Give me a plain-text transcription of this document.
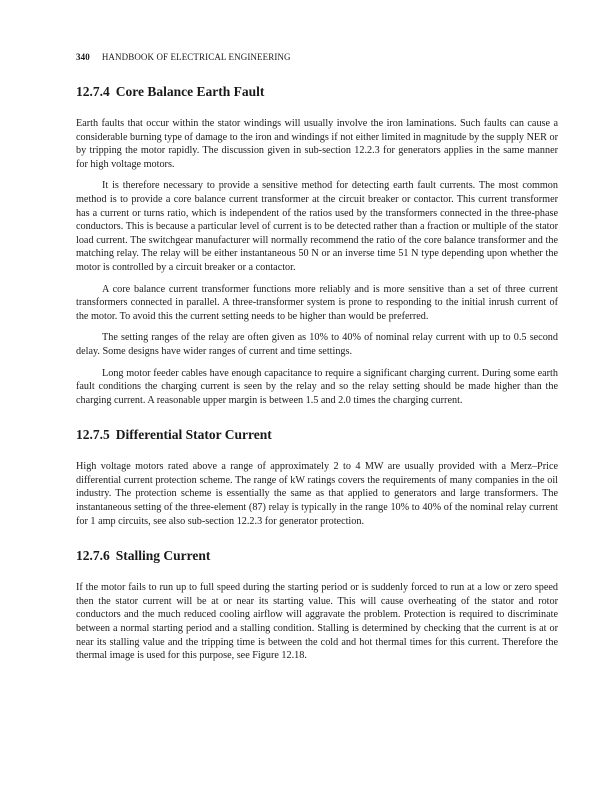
340 HANDBOOK OF ELECTRICAL ENGINEERING
12.7.4 Core Balance Earth Fault

Earth faults that occur within the stator windings will usually involve the iron laminations. Such faults can cause a considerable burning type of damage to the iron and windings if not either limited in magnitude by the supply NER or by tripping the motor rapidly. The discussion given in sub-section 12.2.3 for generators applies in the same manner for high voltage motors.

It is therefore necessary to provide a sensitive method for detecting earth fault currents. The most common method is to provide a core balance current transformer at the circuit breaker or contactor. This current transformer has a current or turns ratio, which is independent of the ratios used by the transformers connected in the three-phase conductors. This is because a particular level of current is to be detected rather than a fraction or multiple of the stator load current. The switchgear manufacturer will normally recommend the ratio of the core balance transformer and the matching relay. The relay will be either instantaneous 50 N or an inverse time 51 N type depending upon whether the motor is controlled by a circuit breaker or a contactor.

A core balance current transformer functions more reliably and is more sensitive than a set of three current transformers connected in parallel. A three-transformer system is prone to responding to the initial inrush current of the motor. To avoid this the current setting needs to be higher than would be preferred.

The setting ranges of the relay are often given as 10% to 40% of nominal relay current with up to 0.5 second delay. Some designs have wider ranges of current and time settings.

Long motor feeder cables have enough capacitance to require a significant charging current. During some earth fault conditions the charging current is seen by the relay and so the relay setting should be made higher than the charging current. A reasonable upper margin is between 1.5 and 2.0 times the charging current.

12.7.5 Differential Stator Current

High voltage motors rated above a range of approximately 2 to 4 MW are usually provided with a Merz–Price differential current protection scheme. The range of kW ratings covers the requirements of many companies in the oil industry. The protection scheme is essentially the same as that applied to generators and large transformers. The instantaneous setting of the three-element (87) relay is typically in the range 10% to 40% of the nominal relay current for 1 amp circuits, see also sub-section 12.2.3 for generator protection.

12.7.6 Stalling Current

If the motor fails to run up to full speed during the starting period or is suddenly forced to run at a low or zero speed then the stator current will be at or near its starting value. This will cause overheating of the stator and rotor conductors and the much reduced cooling airflow will aggravate the problem. Protection is required to discriminate between a normal starting period and a stalling condition. Stalling is determined by checking that the current is at or near its stalling value and the tripping time is between the cold and hot thermal times for this current. Therefore the thermal image is used for this purpose, see Figure 12.18.
